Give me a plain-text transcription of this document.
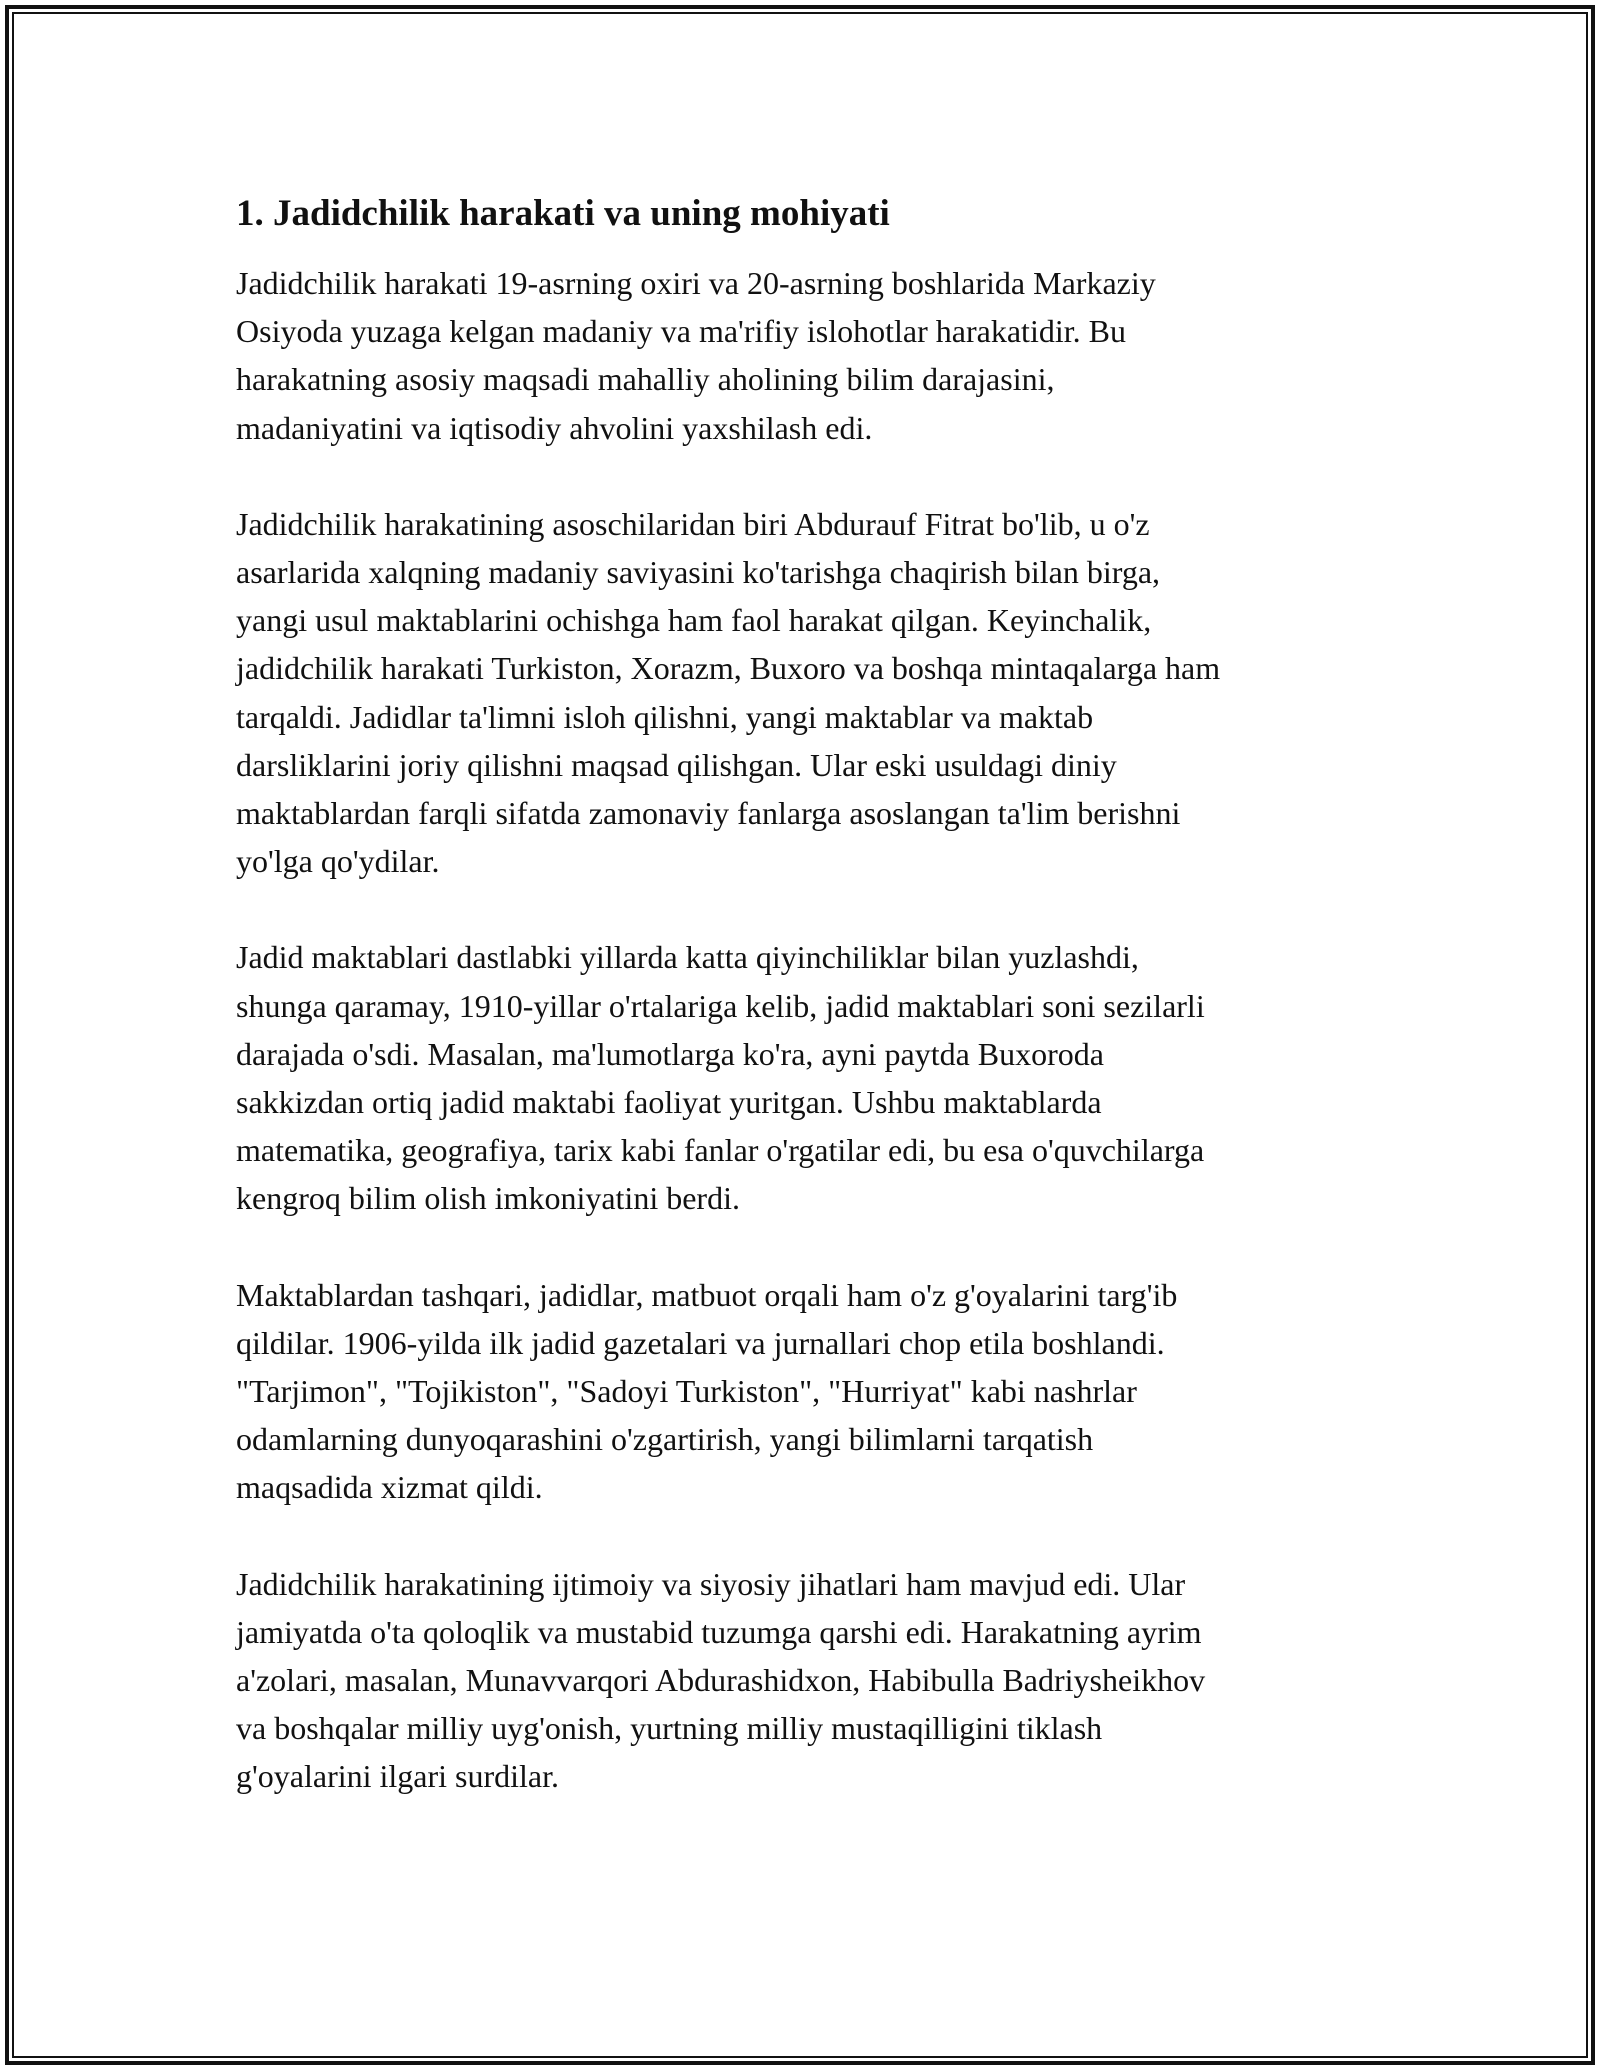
1. Jadidchilik harakati va uning mohiyati

Jadidchilik harakati 19-asrning oxiri va 20-asrning boshlarida Markaziy
Osiyoda yuzaga kelgan madaniy va ma'rifiy islohotlar harakatidir. Bu
harakatning asosiy maqsadi mahalliy aholining bilim darajasini,
madaniyatini va iqtisodiy ahvolini yaxshilash edi.

Jadidchilik harakatining asoschilaridan biri Abdurauf Fitrat bo'lib, u o'z
asarlarida xalqning madaniy saviyasini ko'tarishga chaqirish bilan birga,
yangi usul maktablarini ochishga ham faol harakat qilgan. Keyinchalik,
jadidchilik harakati Turkiston, Xorazm, Buxoro va boshqa mintaqalarga ham
tarqaldi. Jadidlar ta'limni isloh qilishni, yangi maktablar va maktab
darsliklarini joriy qilishni maqsad qilishgan. Ular eski usuldagi diniy
maktablardan farqli sifatda zamonaviy fanlarga asoslangan ta'lim berishni
yo'lga qo'ydilar.

Jadid maktablari dastlabki yillarda katta qiyinchiliklar bilan yuzlashdi,
shunga qaramay, 1910-yillar o'rtalariga kelib, jadid maktablari soni sezilarli
darajada o'sdi. Masalan, ma'lumotlarga ko'ra, ayni paytda Buxoroda
sakkizdan ortiq jadid maktabi faoliyat yuritgan. Ushbu maktablarda
matematika, geografiya, tarix kabi fanlar o'rgatilar edi, bu esa o'quvchilarga
kengroq bilim olish imkoniyatini berdi.

Maktablardan tashqari, jadidlar, matbuot orqali ham o'z g'oyalarini targ'ib
qildilar. 1906-yilda ilk jadid gazetalari va jurnallari chop etila boshlandi.
"Tarjimon", "Tojikiston", "Sadoyi Turkiston", "Hurriyat" kabi nashrlar
odamlarning dunyoqarashini o'zgartirish, yangi bilimlarni tarqatish
maqsadida xizmat qildi.

Jadidchilik harakatining ijtimoiy va siyosiy jihatlari ham mavjud edi. Ular
jamiyatda o'ta qoloqlik va mustabid tuzumga qarshi edi. Harakatning ayrim
a'zolari, masalan, Munavvarqori Abdurashidxon, Habibulla Badriysheikhov
va boshqalar milliy uyg'onish, yurtning milliy mustaqilligini tiklash
g'oyalarini ilgari surdilar.
